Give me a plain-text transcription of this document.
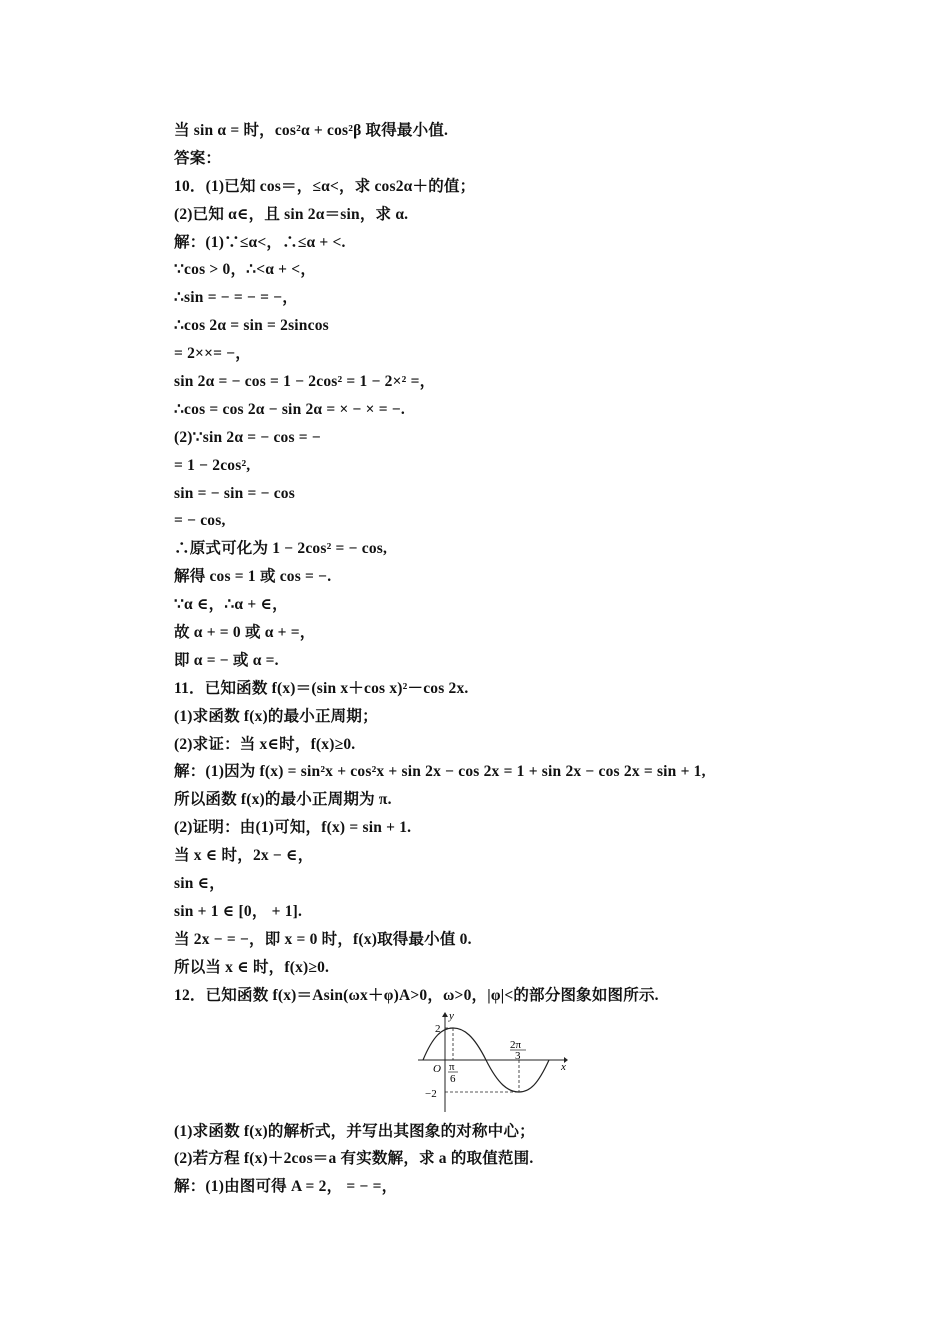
当 sin α = 时，cos²α + cos²β 取得最小值.
答案：
10．(1)已知 cos＝，≤α<，求 cos2α＋的值；
(2)已知 α∈，且 sin 2α＝sin，求 α.
解：(1)∵≤α<，∴≤α + <.
∵cos > 0，∴<α + <，
∴sin = − = − = −，
∴cos 2α = sin = 2sincos
= 2××= −，
sin 2α = − cos = 1 − 2cos² = 1 − 2×² =，
∴cos = cos 2α − sin 2α = × − × = −.
(2)∵sin 2α = − cos = −
= 1 − 2cos²,
sin = − sin = − cos
= − cos,
∴原式可化为 1 − 2cos² = − cos,
解得 cos = 1 或 cos = −.
∵α ∈，∴α + ∈，
故 α + = 0 或 α + =，
即 α = − 或 α =.
11．已知函数 f(x)＝(sin x＋cos x)²－cos 2x.
(1)求函数 f(x)的最小正周期；
(2)求证：当 x∈时，f(x)≥0.
解：(1)因为 f(x) = sin²x + cos²x + sin 2x − cos 2x = 1 + sin 2x − cos 2x = sin + 1,
所以函数 f(x)的最小正周期为 π.
(2)证明：由(1)可知，f(x) = sin + 1.
当 x ∈ 时，2x − ∈，
sin ∈，
sin + 1 ∈ [0， + 1].
当 2x − = −，即 x = 0 时，f(x)取得最小值 0.
所以当 x ∈ 时，f(x)≥0.
12．已知函数 f(x)＝Asin(ωx＋φ)A>0，ω>0，|φ|<的部分图象如图所示.
y
x
O
2
−2
π
6
2π
3
(1)求函数 f(x)的解析式，并写出其图象的对称中心；
(2)若方程 f(x)＋2cos＝a 有实数解，求 a 的取值范围.
解：(1)由图可得 A = 2， = − =，
